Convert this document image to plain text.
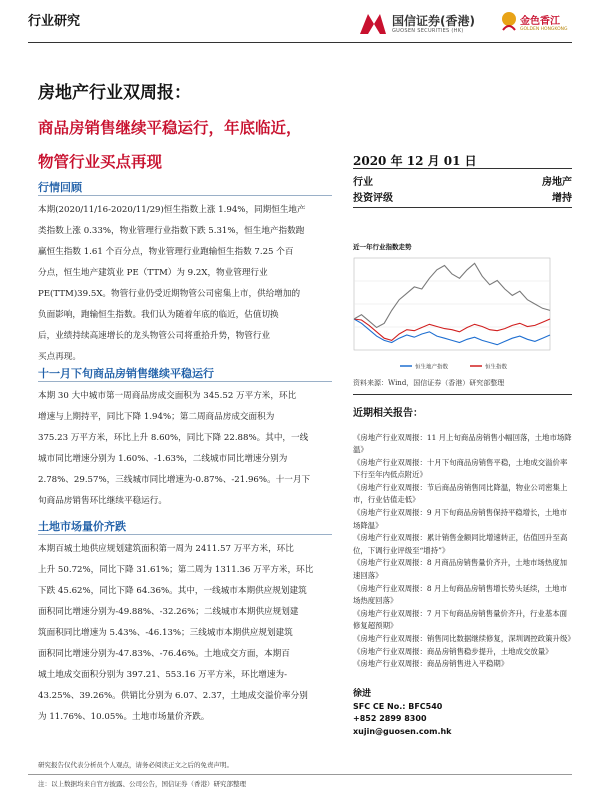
行业研究	国信证券(香港)
GUOSEN SECURITIES (HK)
金色香江
GOLDEN HONGKONG
房地产行业双周报：
商品房销售继续平稳运行，年底临近，
物管行业买点再现
行情回顾
本期(2020/11/16-2020/11/29)恒生指数上涨 1.94%，同期恒生地产
类指数上涨 0.33%，物业管理行业指数下跌 5.31%，恒生地产指数跑
赢恒生指数 1.61 个百分点，物业管理行业跑输恒生指数 7.25 个百
分点，恒生地产建筑业 PE（TTM）为 9.2X，物业管理行业
PE(TTM)39.5X。物管行业仍受近期物管公司密集上市，供给增加的
负面影响，跑输恒生指数。我们认为随着年底的临近，估值切换
后，业绩持续高速增长的龙头物管公司将重拾升势，物管行业
买点再现。
十一月下旬商品房销售继续平稳运行
本期 30 大中城市第一周商品房成交面积为 345.52 万平方米，环比
增速与上期持平，同比下降 1.94%；第二周商品房成交面积为
375.23 万平方米，环比上升 8.60%，同比下降 22.88%。其中，一线
城市同比增速分别为 1.60%、-1.63%，二线城市同比增速分别为
2.78%、29.57%，三线城市同比增速为-0.87%、-21.96%。十一月下
旬商品房销售环比继续平稳运行。
土地市场量价齐跌
本期百城土地供应规划建筑面积第一周为 2411.57 万平方米，环比
上升 50.72%，同比下降 31.61%；第二周为 1311.36 万平方米，环比
下跌 45.62%，同比下降 64.36%。其中，一线城市本期供应规划建筑
面积同比增速分别为-49.88%、-32.26%；二线城市本期供应规划建
筑面积同比增速为 5.43%、-46.13%；三线城市本期供应规划建筑
面积同比增速分别为-47.83%、-76.46%。土地成交方面，本期百
城土地成交面积分别为 397.21、553.16 万平方米，环比增速为-
43.25%、39.26%。供销比分别为 6.07、2.37，土地成交溢价率分别
为 11.76%、10.05%。土地市场量价齐跌。
2020 年 12 月 01 日
行业	房地产
投资评级	增持
近一年行业指数走势
恒生地产指数	恒生指数
资料来源：Wind，国信证券（香港）研究部整理
近期相关报告：
《房地产行业双周报：11 月上旬商品房销售小幅回落，土地市场降温》
《房地产行业双周报：十月下旬商品房销售平稳，土地成交溢价率下行至年内低点附近》
《房地产行业双周报：节后商品房销售同比降温，物业公司密集上市，行业估值走低》
《房地产行业双周报：9 月下旬商品房销售保持平稳增长，土地市场降温》
《房地产行业双周报：累计销售金额同比增速转正，估值回升至高位，下调行业评级至“增持”》
《房地产行业双周报：8 月商品房销售量价齐升，土地市场热度加速回落》
《房地产行业双周报：8 月上旬商品房销售增长势头延续，土地市场热度回落》
《房地产行业双周报：7 月下旬商品房销售量价齐升，行业基本面修复超预期》
《房地产行业双周报：销售同比数据继续修复，深圳调控政策升级》
《房地产行业双周报：商品房销售稳步提升，土地成交放量》
《房地产行业双周报：商品房销售进入平稳期》
徐进
SFC CE No.: BFC540
+852 2899 8300
xujin@guosen.com.hk
研究报告仅代表分析员个人观点，请务必阅读正文之后的免责声明。
注：以上数据均来自官方披露、公司公告，国信证券（香港）研究部整理
